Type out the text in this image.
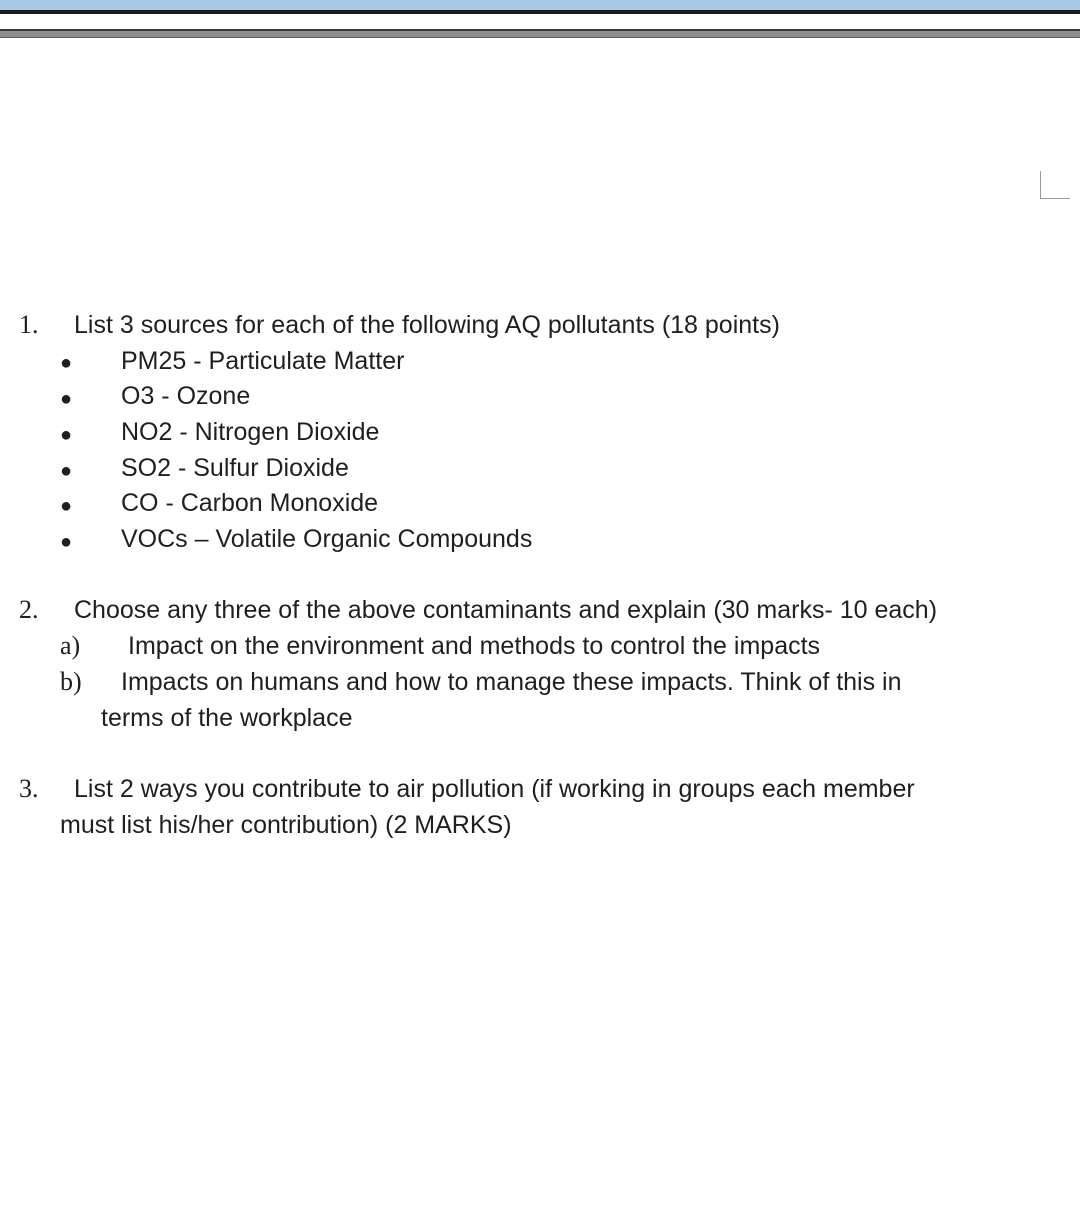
1. List 3 sources for each of the following AQ pollutants (18 points)
● PM25 - Particulate Matter
● O3 - Ozone
● NO2 - Nitrogen Dioxide
● SO2 - Sulfur Dioxide
● CO - Carbon Monoxide
● VOCs – Volatile Organic Compounds
2. Choose any three of the above contaminants and explain (30 marks- 10 each)
a) Impact on the environment and methods to control the impacts
b) Impacts on humans and how to manage these impacts. Think of this in
terms of the workplace
3. List 2 ways you contribute to air pollution (if working in groups each member
must list his/her contribution) (2 MARKS)
